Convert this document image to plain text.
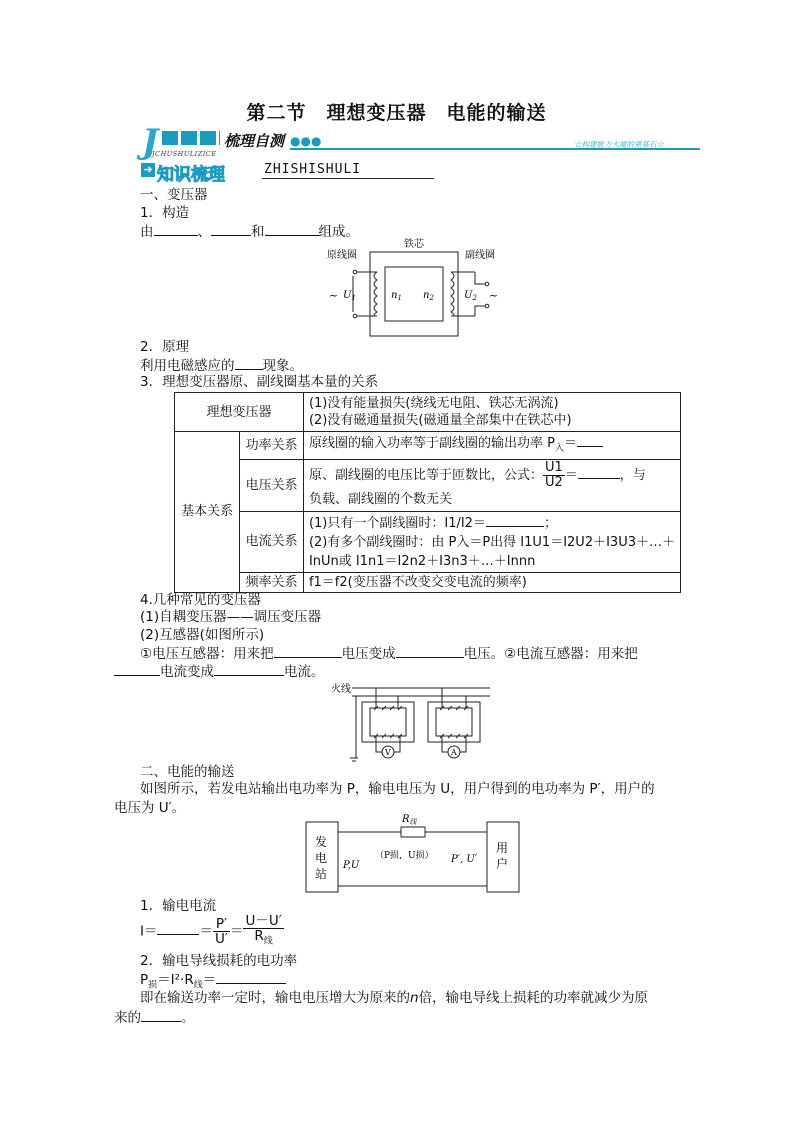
第二节　理想变压器　电能的输送
J	梳理自测 ●●●	☆构建能力大厦的奠基石☆
JCHUSHULIZICE
➜ 知识梳理	ZHISHISHULI
一、变压器
1．构造
由	、	和	组成。
铁芯
原线圈	副线圈
~ $U_1$	$n_1$ $n_2$	$U_2$ ~
2．原理
利用电磁感应的 现象。
3．理想变压器原、副线圈基本量的关系
理想变压器		(1)没有能量损失(绕线无电阻、铁芯无涡流)
(2)没有磁通量损失(磁通量全部集中在铁芯中)

基本关系	功率关系	原线圈的输入功率等于副线圈的输出功率 $P_入=$
	电压关系	原、副线圈的电压比等于匝数比，公式： $\frac{U1}{U2}$ ＝ ，与
负载、副线圈的个数无关
	电流关系	(1)只有一个副线圈时：I1/I2＝ ；
(2)有多个副线圈时：由 P入＝P出得 I1U1＝I2U2＋I3U3＋…＋
InUn或 I1n1＝I2n2＋I3n3＋…＋Innn
	频率关系	f1＝f2(变压器不改变交变电流的频率)
4.几种常见的变压器
(1)自耦变压器——调压变压器
(2)互感器(如图所示)
①电压互感器：用来把	电压变成	电压。②电流互感器：用来把
电流变成	电流。
火线
V	A
二、电能的输送
如图所示，若发电站输出电功率为 P，输电电压为 U，用户得到的电功率为 P′，用户的
电压为 U′。
$R_线$
发
电
站
用
户
P,U
P′, U′
（P损，U损）
1．输电电流
I＝	＝ $\frac{P'}{U'} = \frac{U-U'}{R_线}$
2．输电导线损耗的电功率
$P_损=I^2\cdot R_线=$
即在输送功率一定时，输电电压增大为原来的n倍，输电导线上损耗的功率就减少为原
来的	。
